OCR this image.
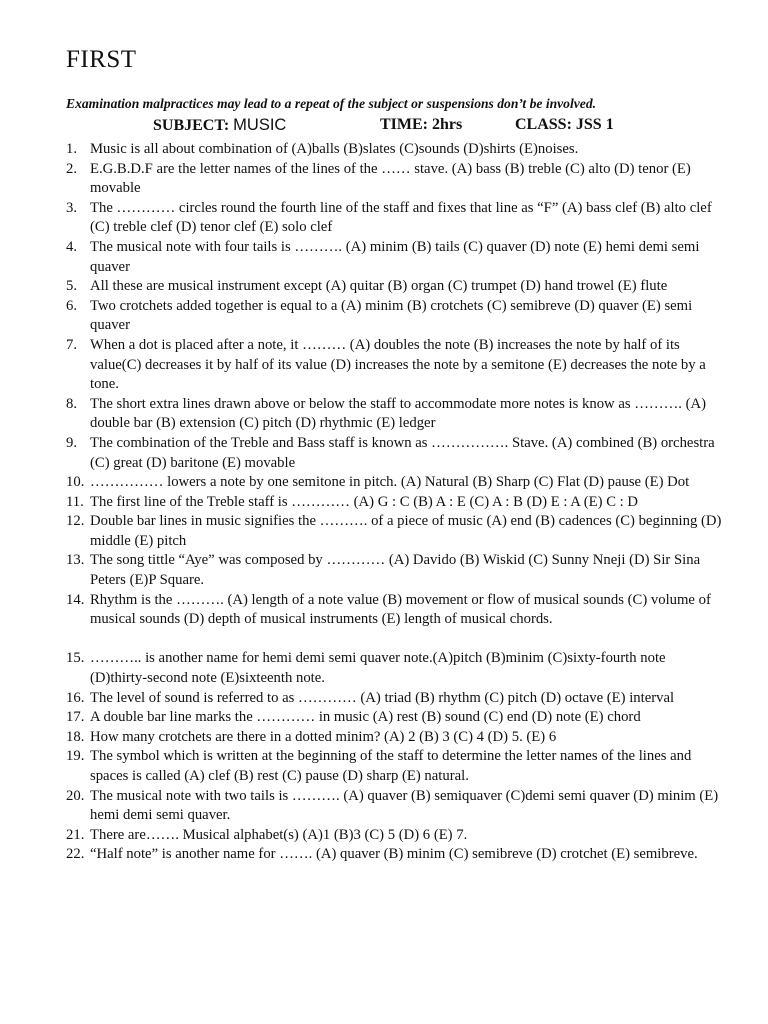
FIRST
Examination malpractices may lead to a repeat of the subject or suspensions don’t be involved.
SUBJECT: MUSIC	TIME: 2hrs	CLASS: JSS 1
1. Music is all about combination of (A)balls (B)slates (C)sounds (D)shirts (E)noises.
2. E.G.B.D.F are the letter names of the lines of the …… stave. (A) bass (B) treble (C) alto (D) tenor (E) movable
3. The ………… circles round the fourth line of the staff and fixes that line as “F” (A) bass clef (B) alto clef (C) treble clef (D) tenor clef (E) solo clef
4. The musical note with four tails is ………. (A) minim (B) tails (C) quaver (D) note (E) hemi demi semi quaver
5. All these are musical instrument except (A) quitar (B) organ (C) trumpet (D) hand trowel (E) flute
6. Two crotchets added together is equal to a (A) minim (B) crotchets (C) semibreve (D) quaver (E) semi quaver
7. When a dot is placed after a note, it ……… (A) doubles the note (B) increases the note by half of its value(C) decreases it by half of its value (D) increases the note by a semitone (E) decreases the note by a tone.
8. The short extra lines drawn above or below the staff to accommodate more notes is know as ………. (A) double bar (B) extension (C) pitch (D) rhythmic (E) ledger
9. The combination of the Treble and Bass staff is known as ……………. Stave. (A) combined (B) orchestra (C) great (D) baritone (E) movable
10. …………… lowers a note by one semitone in pitch. (A) Natural (B) Sharp (C) Flat (D) pause (E) Dot
11. The first line of the Treble staff is ………… (A) G : C (B) A : E (C) A : B (D) E : A (E) C : D
12. Double bar lines in music signifies the ………. of a piece of music (A) end (B) cadences (C) beginning (D) middle (E) pitch
13. The song tittle “Aye” was composed by ………… (A) Davido (B) Wiskid (C) Sunny Nneji (D) Sir Sina Peters (E)P Square.
14. Rhythm is the ………. (A) length of a note value (B) movement or flow of musical sounds (C) volume of musical sounds (D) depth of musical instruments (E) length of musical chords.
15. ……….. is another name for hemi demi semi quaver note.(A)pitch (B)minim (C)sixty-fourth note (D)thirty-second note (E)sixteenth note.
16. The level of sound is referred to as ………… (A) triad (B) rhythm (C) pitch (D) octave (E) interval
17. A double bar line marks the ………… in music (A) rest (B) sound (C) end (D) note (E) chord
18. How many crotchets are there in a dotted minim? (A) 2 (B) 3 (C) 4 (D) 5. (E) 6
19. The symbol which is written at the beginning of the staff to determine the letter names of the lines and spaces is called (A) clef (B) rest (C) pause (D) sharp (E) natural.
20. The musical note with two tails is ………. (A) quaver (B) semiquaver (C)demi semi quaver (D) minim (E) hemi demi semi quaver.
21. There are……. Musical alphabet(s) (A)1 (B)3 (C) 5 (D) 6 (E) 7.
22. “Half note” is another name for ……. (A) quaver (B) minim (C) semibreve (D) crotchet (E) semibreve.
